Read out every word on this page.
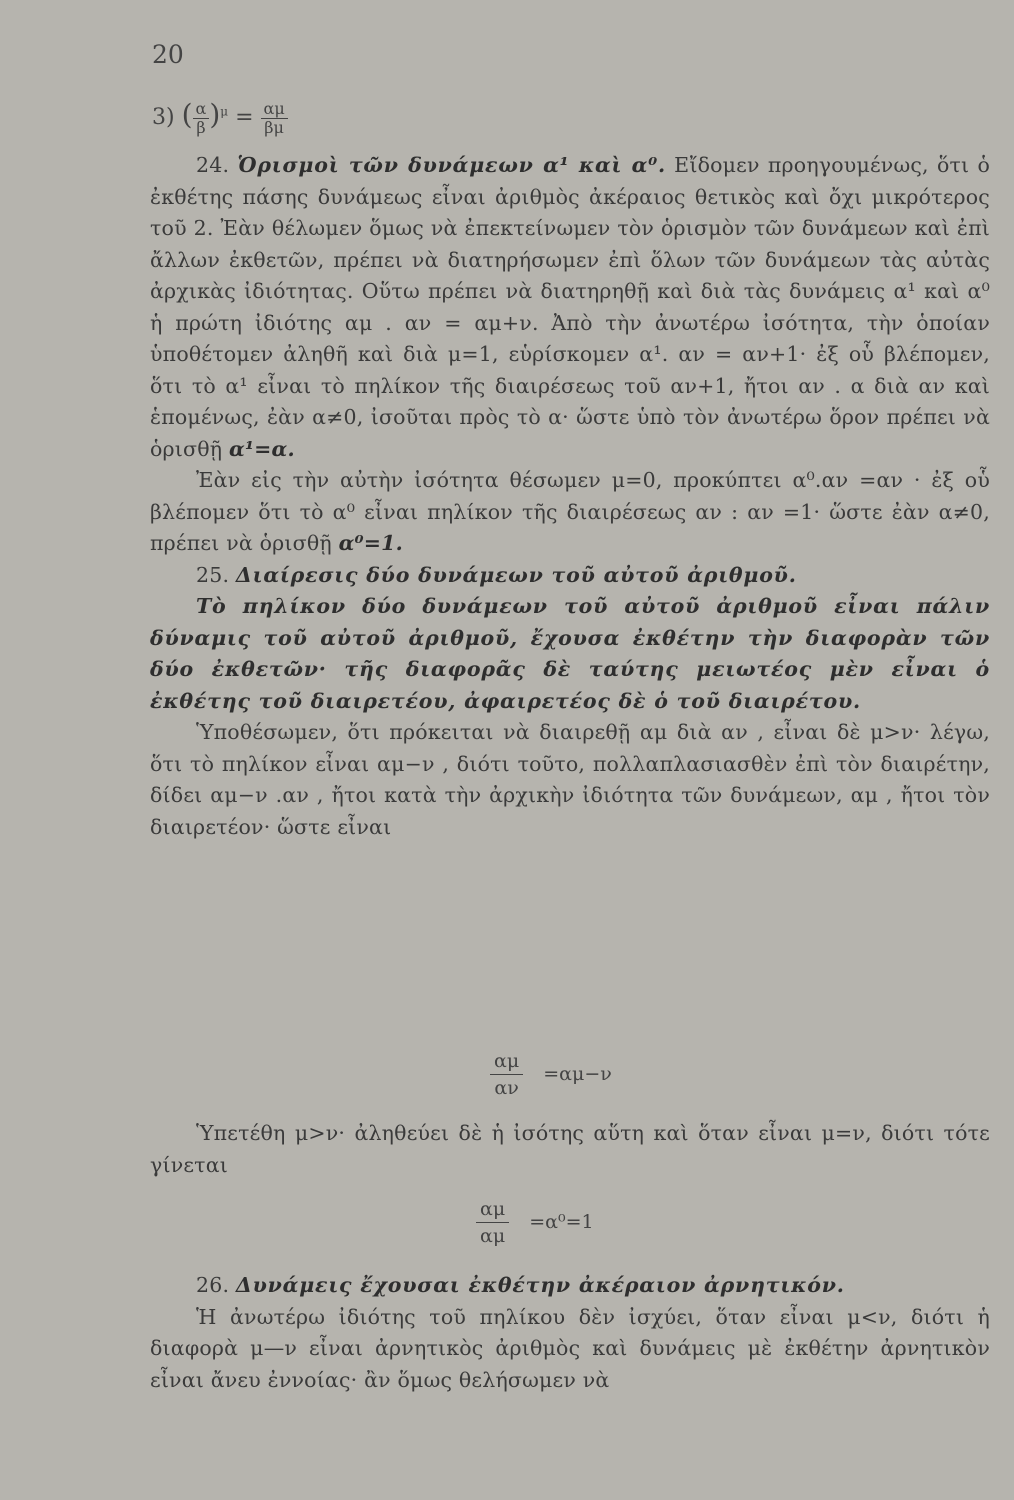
20
3) ( $\frac{\alpha}{\beta} )^\mu = \frac{\alpha\mu}{\beta\mu}$

24. Ὁρισμοὶ τῶν δυνάμεων α¹ καὶ α⁰. Εἴδομεν προηγουμένως, ὅτι ὁ ἐκθέτης πάσης δυνάμεως εἶναι ἀριθμὸς ἀκέραιος θετικὸς καὶ ὄχι μικρότερος τοῦ 2. Ἐὰν θέλωμεν ὅμως νὰ ἐπεκτείνωμεν τὸν ὁρισμὸν τῶν δυνάμεων καὶ ἐπὶ ἄλλων ἐκθετῶν, πρέπει νὰ διατηρήσωμεν ἐπὶ ὅλων τῶν δυνάμεων τὰς αὐτὰς ἀρχικὰς ἰδιότητας. Οὕτω πρέπει νὰ διατηρηθῇ καὶ διὰ τὰς δυνάμεις α¹ καὶ α⁰ ἡ πρώτη ἰδιότης αμ . αν = αμ+ν. Ἀπὸ τὴν ἀνωτέρω ἰσότητα, τὴν ὁποίαν ὑποθέτομεν ἀληθῆ καὶ διὰ μ=1, εὑρίσκομεν α¹. αν = αν+1· ἐξ οὗ βλέπομεν, ὅτι τὸ α¹ εἶναι τὸ πηλίκον τῆς διαιρέσεως τοῦ αν+1, ἤτοι αν . α διὰ αν καὶ ἑπομένως, ἐὰν α≠0, ἰσοῦται πρὸς τὸ α· ὥστε ὑπὸ τὸν ἀνωτέρω ὅρον πρέπει νὰ ὁρισθῇ α¹=α.

Ἐὰν εἰς τὴν αὐτὴν ἰσότητα θέσωμεν μ=0, προκύπτει α⁰.αν =αν · ἐξ οὗ βλέπομεν ὅτι τὸ α⁰ εἶναι πηλίκον τῆς διαιρέσεως αν : αν =1· ὥστε ἐὰν α≠0, πρέπει νὰ ὁρισθῇ α⁰=1.

25. Διαίρεσις δύο δυνάμεων τοῦ αὐτοῦ ἀριθμοῦ.

Τὸ πηλίκον δύο δυνάμεων τοῦ αὐτοῦ ἀριθμοῦ εἶναι πάλιν δύναμις τοῦ αὐτοῦ ἀριθμοῦ, ἔχουσα ἐκθέτην τὴν διαφορὰν τῶν δύο ἐκθετῶν· τῆς διαφορᾶς δὲ ταύτης μειωτέος μὲν εἶναι ὁ ἐκθέτης τοῦ διαιρετέου, ἀφαιρετέος δὲ ὁ τοῦ διαιρέτου.

Ὑποθέσωμεν, ὅτι πρόκειται νὰ διαιρεθῇ αμ διὰ αν , εἶναι δὲ μ>ν· λέγω, ὅτι τὸ πηλίκον εἶναι αμ−ν , διότι τοῦτο, πολλαπλασιασθὲν ἐπὶ τὸν διαιρέτην, δίδει αμ−ν .αν , ἤτοι κατὰ τὴν ἀρχικὴν ἰδιότητα τῶν δυνάμεων, αμ , ἤτοι τὸν διαιρετέον· ὥστε εἶναι

$\frac{\alpha\mu}{\alpha\nu} =\alpha\mu-\nu$

Ὑπετέθη μ>ν· ἀληθεύει δὲ ἡ ἰσότης αὕτη καὶ ὅταν εἶναι μ=ν, διότι τότε γίνεται

$\frac{\alpha\mu}{\alpha\mu} =\alpha^0=1$

26. Δυνάμεις ἔχουσαι ἐκθέτην ἀκέραιον ἀρνητικόν.

Ἡ ἀνωτέρω ἰδιότης τοῦ πηλίκου δὲν ἰσχύει, ὅταν εἶναι μ<ν, διότι ἡ διαφορὰ μ—ν εἶναι ἀρνητικὸς ἀριθμὸς καὶ δυνάμεις μὲ ἐκθέτην ἀρνητικὸν εἶναι ἄνευ ἐννοίας· ἂν ὅμως θελήσωμεν νὰ
